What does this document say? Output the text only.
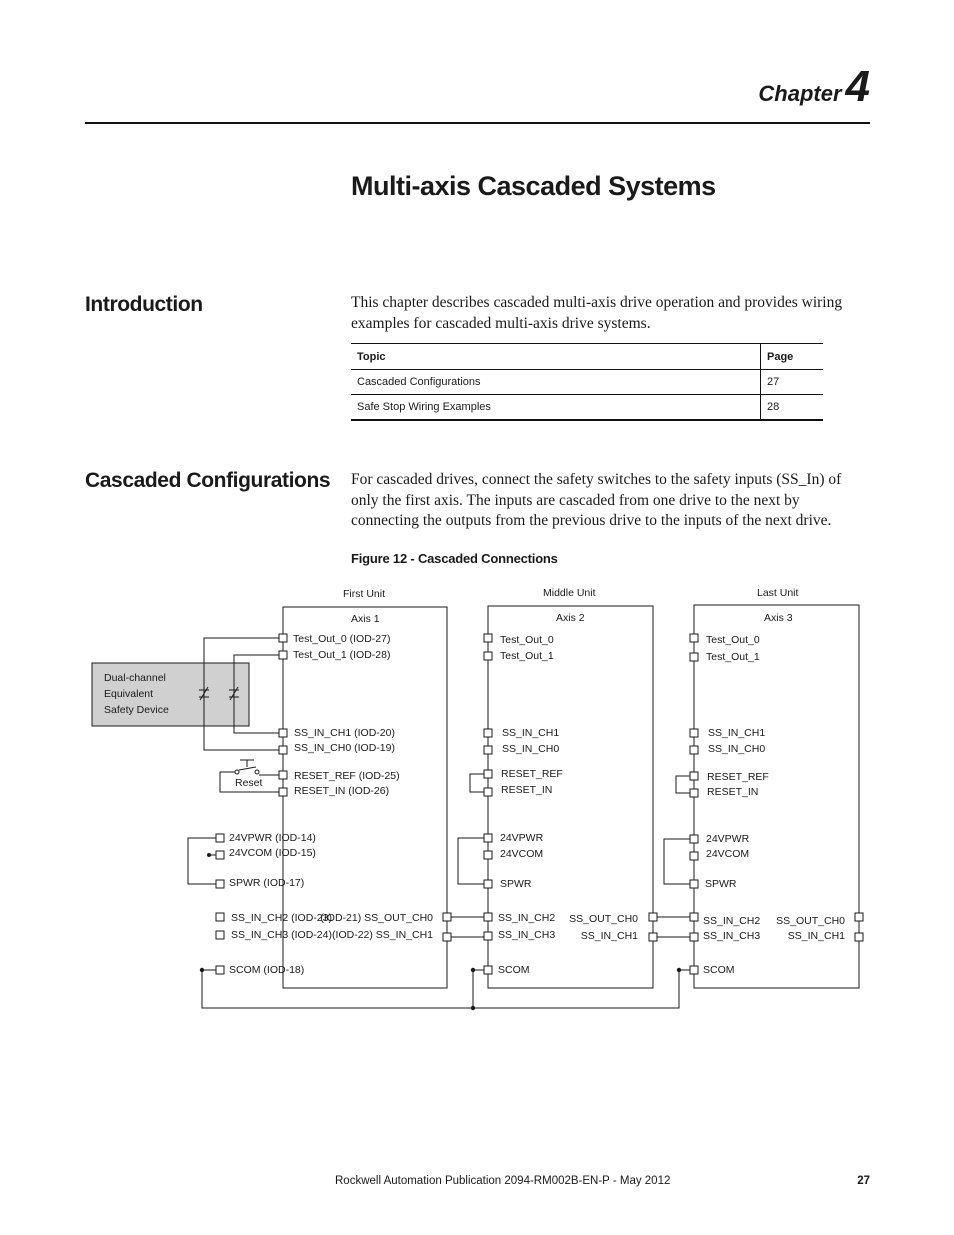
Chapter4
Multi-axis Cascaded Systems
Introduction	This chapter describes cascaded multi-axis drive operation and provides wiring examples for cascaded multi-axis drive systems.

Topic	Page
Cascaded Configurations	27
Safe Stop Wiring Examples	28
Cascaded Configurations For cascaded drives, connect the safety switches to the safety inputs (SS_In) of only the first axis. The inputs are cascaded from one drive to the next by connecting the outputs from the previous drive to the inputs of the next drive.

Figure 12 - Cascaded Connections

Dual-channel
Equivalent
Safety Device
Reset
First Unit
Axis 1
Test_Out_0 (IOD-27)
Test_Out_1 (IOD-28)
SS_IN_CH1 (IOD-20)
SS_IN_CH0 (IOD-19)
RESET_REF (IOD-25)
RESET_IN (IOD-26)
24VPWR (IOD-14)
24VCOM (IOD-15)
SPWR (IOD-17)
SS_IN_CH2 (IOD-23)
SS_IN_CH3 (IOD-24)
SCOM (IOD-18)
(IOD-21) SS_OUT_CH0
(IOD-22) SS_IN_CH1
Middle Unit
Axis 2
Test_Out_0
Test_Out_1
SS_IN_CH1
SS_IN_CH0
RESET_REF
RESET_IN
24VPWR
24VCOM
SPWR
SS_IN_CH2
SS_IN_CH3
SCOM
SS_OUT_CH0
SS_IN_CH1
Last Unit
Axis 3
Test_Out_0
Test_Out_1
SS_IN_CH1
SS_IN_CH0
RESET_REF
RESET_IN
24VPWR
24VCOM
SPWR
SS_IN_CH2
SS_IN_CH3
SCOM
SS_OUT_CH0
SS_IN_CH1
Rockwell Automation Publication 2094-RM002B-EN-P - May 2012	27
